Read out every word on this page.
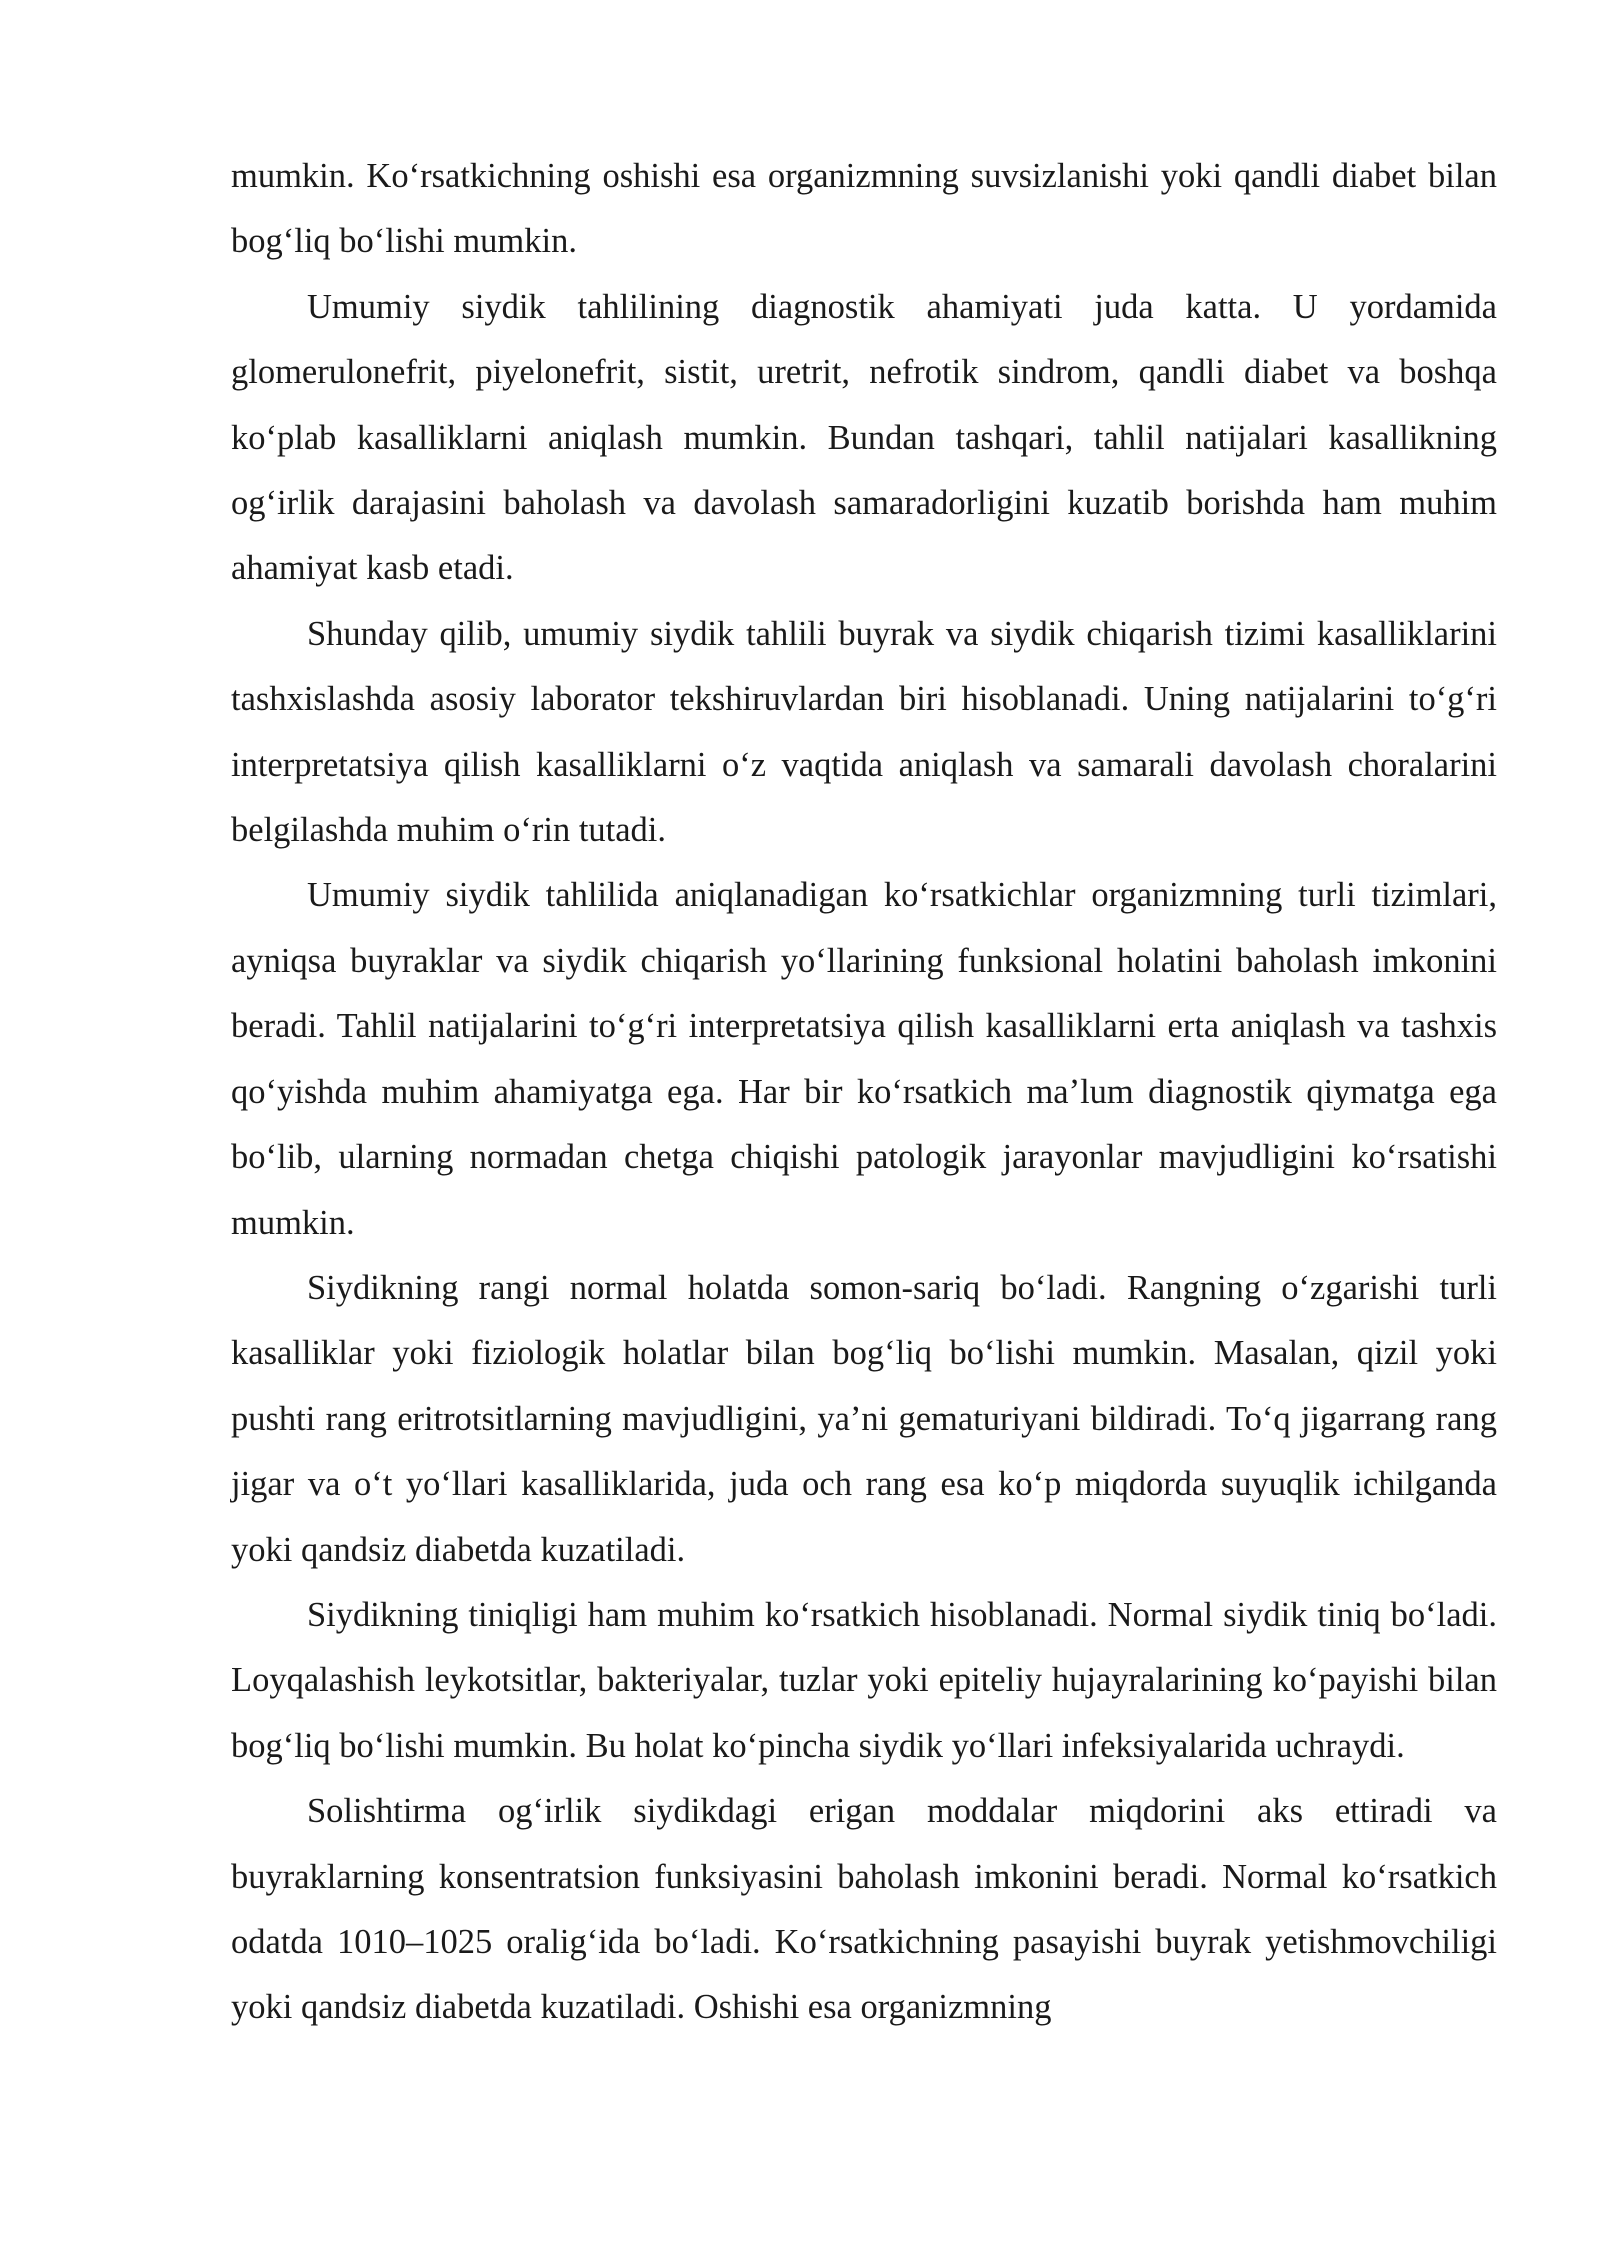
mumkin. Koʻrsatkichning oshishi esa organizmning suvsizlanishi yoki qandli diabet bilan bogʻliq boʻlishi mumkin.

Umumiy siydik tahlilining diagnostik ahamiyati juda katta. U yordamida glomerulonefrit, piyelonefrit, sistit, uretrit, nefrotik sindrom, qandli diabet va boshqa koʻplab kasalliklarni aniqlash mumkin. Bundan tashqari, tahlil natijalari kasallikning ogʻirlik darajasini baholash va davolash samaradorligini kuzatib borishda ham muhim ahamiyat kasb etadi.

Shunday qilib, umumiy siydik tahlili buyrak va siydik chiqarish tizimi kasalliklarini tashxislashda asosiy laborator tekshiruvlardan biri hisoblanadi. Uning natijalarini toʻgʻri interpretatsiya qilish kasalliklarni oʻz vaqtida aniqlash va samarali davolash choralarini belgilashda muhim oʻrin tutadi.

Umumiy siydik tahlilida aniqlanadigan koʻrsatkichlar organizmning turli tizimlari, ayniqsa buyraklar va siydik chiqarish yoʻllarining funksional holatini baholash imkonini beradi. Tahlil natijalarini toʻgʻri interpretatsiya qilish kasalliklarni erta aniqlash va tashxis qoʻyishda muhim ahamiyatga ega. Har bir koʻrsatkich maʼlum diagnostik qiymatga ega boʻlib, ularning normadan chetga chiqishi patologik jarayonlar mavjudligini koʻrsatishi mumkin.

Siydikning rangi normal holatda somon-sariq boʻladi. Rangning oʻzgarishi turli kasalliklar yoki fiziologik holatlar bilan bogʻliq boʻlishi mumkin. Masalan, qizil yoki pushti rang eritrotsitlarning mavjudligini, yaʼni gematuriyani bildiradi. Toʻq jigarrang rang jigar va oʻt yoʻllari kasalliklarida, juda och rang esa koʻp miqdorda suyuqlik ichilganda yoki qandsiz diabetda kuzatiladi.

Siydikning tiniqligi ham muhim koʻrsatkich hisoblanadi. Normal siydik tiniq boʻladi. Loyqalashish leykotsitlar, bakteriyalar, tuzlar yoki epiteliy hujayralarining koʻpayishi bilan bogʻliq boʻlishi mumkin. Bu holat koʻpincha siydik yoʻllari infeksiyalarida uchraydi.

Solishtirma ogʻirlik siydikdagi erigan moddalar miqdorini aks ettiradi va buyraklarning konsentratsion funksiyasini baholash imkonini beradi. Normal koʻrsatkich odatda 1010–1025 oraligʻida boʻladi. Koʻrsatkichning pasayishi buyrak yetishmovchiligi yoki qandsiz diabetda kuzatiladi. Oshishi esa organizmning
